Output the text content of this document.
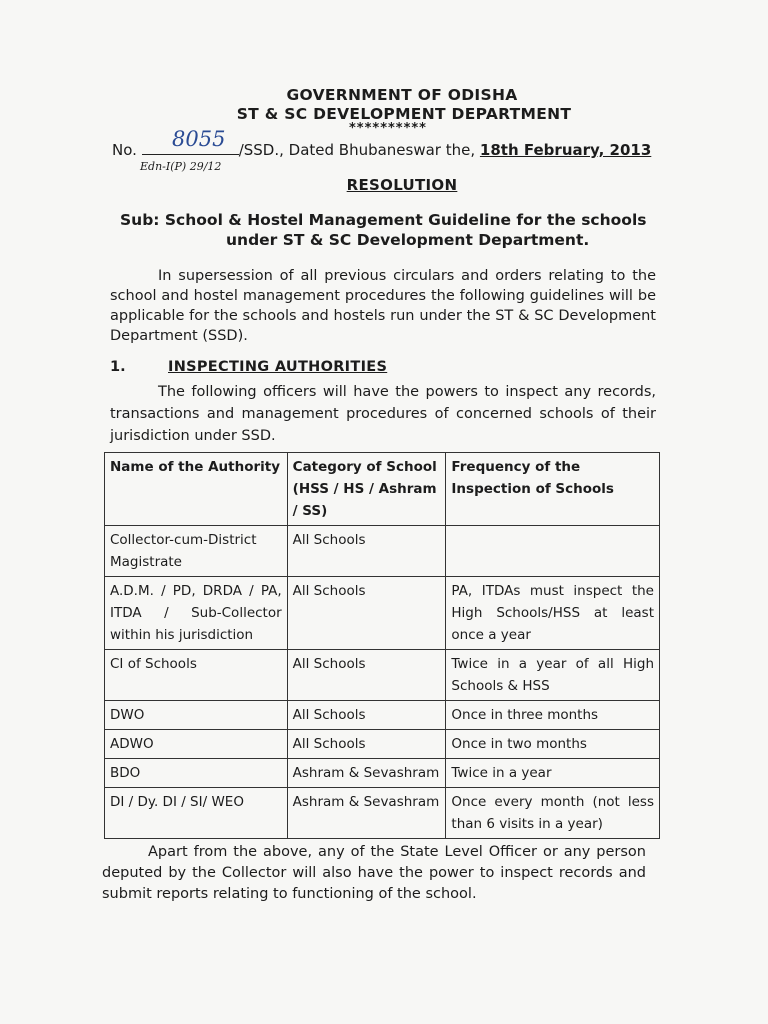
GOVERNMENT OF ODISHA
ST & SC DEVELOPMENT DEPARTMENT
**********
8055
No.	/SSD., Dated Bhubaneswar the, 18th February, 2013
Edn-I(P) 29/12
RESOLUTION
Sub: School & Hostel Management Guideline for the schools
under ST & SC Development Department.
In supersession of all previous circulars and orders relating to the school and hostel management procedures the following guidelines will be applicable for the schools and hostels run under the ST & SC Development Department (SSD).
1.	INSPECTING AUTHORITIES
The following officers will have the powers to inspect any records, transactions and management procedures of concerned schools of their jurisdiction under SSD.
Name of the Authority	Category of School (HSS / HS / Ashram / SS)	Frequency of the Inspection of Schools
Collector-cum-District Magistrate	All Schools	
A.D.M. / PD, DRDA / PA, ITDA / Sub-Collector within his jurisdiction	All Schools	PA, ITDAs must inspect the High Schools/HSS at least once a year
CI of Schools	All Schools	Twice in a year of all High Schools & HSS
DWO	All Schools	Once in three months
ADWO	All Schools	Once in two months
BDO	Ashram & Sevashram	Twice in a year
DI / Dy. DI / SI/ WEO	Ashram & Sevashram	Once every month (not less than 6 visits in a year)
Apart from the above, any of the State Level Officer or any person deputed by the Collector will also have the power to inspect records and submit reports relating to functioning of the school.
